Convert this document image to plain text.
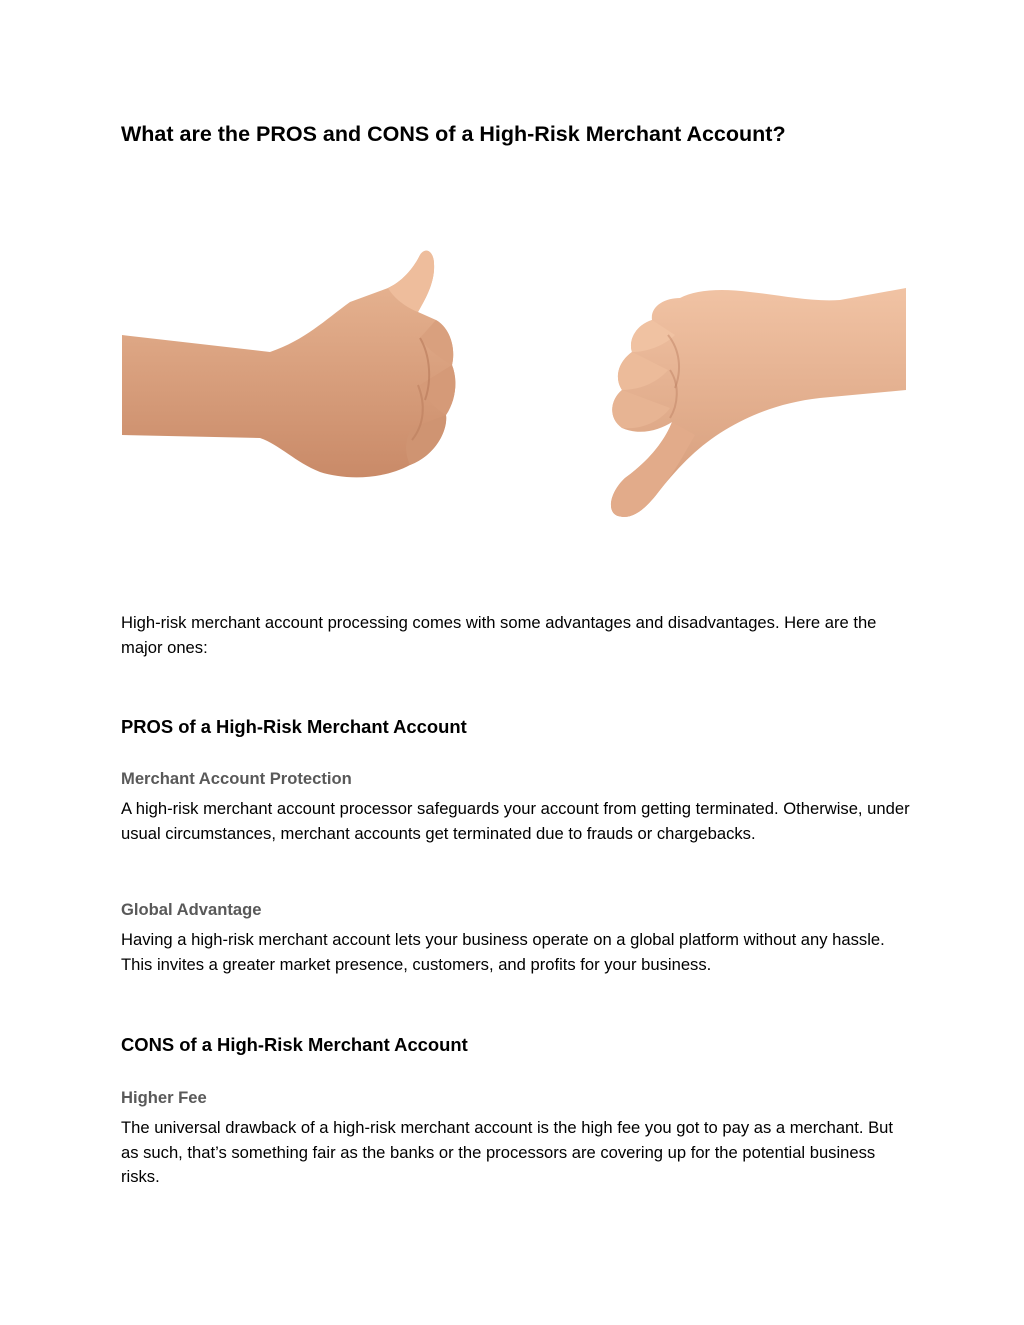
What are the PROS and CONS of a High-Risk Merchant Account?

High-risk merchant account processing comes with some advantages and disadvantages. Here are the major ones:

PROS of a High-Risk Merchant Account
Merchant Account Protection

A high-risk merchant account processor safeguards your account from getting terminated. Otherwise, under usual circumstances, merchant accounts get terminated due to frauds or chargebacks.

Global Advantage

Having a high-risk merchant account lets your business operate on a global platform without any hassle. This invites a greater market presence, customers, and profits for your business.

CONS of a High-Risk Merchant Account
Higher Fee

The universal drawback of a high-risk merchant account is the high fee you got to pay as a merchant. But as such, that’s something fair as the banks or the processors are covering up for the potential business risks.
